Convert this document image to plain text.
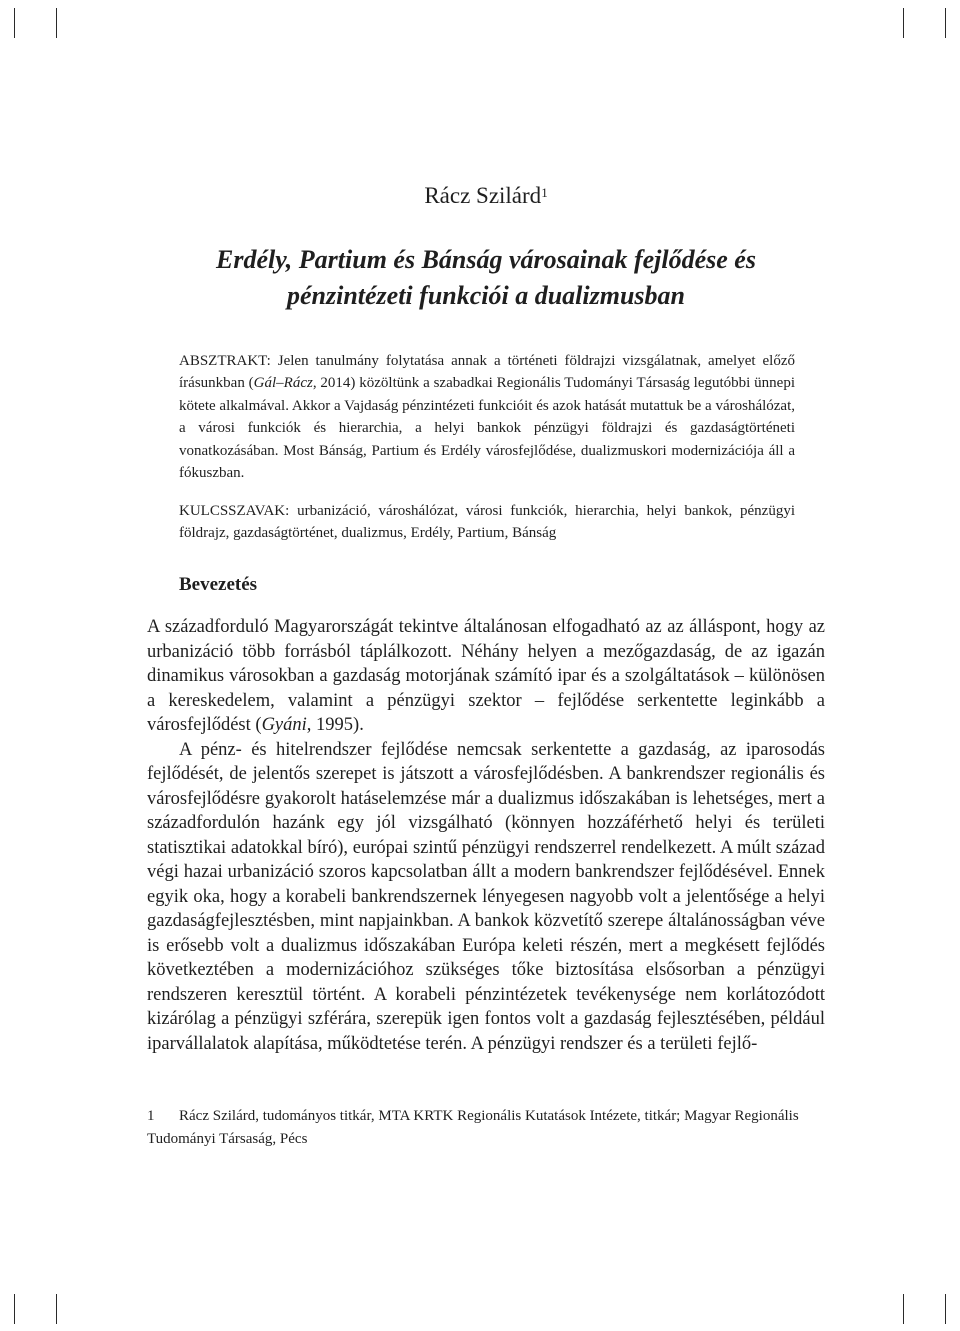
Rácz Szilárd$^1$
Erdély, Partium és Bánság városainak fejlődése és
pénzintézeti funkciói a dualizmusban

ABSZTRAKT: Jelen tanulmány folytatása annak a történeti földrajzi vizsgálatnak, amelyet előző írásunkban (Gál–Rácz, 2014) közöltünk a szabadkai Regionális Tudományi Társaság legutóbbi ünnepi kötete alkalmával. Akkor a Vajdaság pénzintézeti funkcióit és azok hatását mutattuk be a városhálózat, a városi funkciók és hierarchia, a helyi bankok pénzügyi földrajzi és gazdaságtörténeti vonatkozásában. Most Bánság, Partium és Erdély városfejlődése, dualizmuskori modernizációja áll a fókuszban.

KULCSSZAVAK: urbanizáció, városhálózat, városi funkciók, hierarchia, helyi bankok, pénzügyi földrajz, gazdaságtörténet, dualizmus, Erdély, Partium, Bánság

Bevezetés

A századforduló Magyarországát tekintve általánosan elfogadható az az álláspont, hogy az urbanizáció több forrásból táplálkozott. Néhány helyen a mezőgazdaság, de az igazán dinamikus városokban a gazdaság motorjának számító ipar és a szolgáltatások – különösen a kereskedelem, valamint a pénzügyi szektor – fejlődése serkentette leginkább a városfejlődést (Gyáni, 1995).

A pénz- és hitelrendszer fejlődése nemcsak serkentette a gazdaság, az iparosodás fejlődését, de jelentős szerepet is játszott a városfejlődésben. A bankrendszer regionális és városfejlődésre gyakorolt hatáselemzése már a dualizmus időszakában is lehetséges, mert a századfordulón hazánk egy jól vizsgálható (könnyen hozzáférhető helyi és területi statisztikai adatokkal bíró), európai szintű pénzügyi rendszerrel rendelkezett. A múlt század végi hazai urbanizáció szoros kapcsolatban állt a modern bankrendszer fejlődésével. Ennek egyik oka, hogy a korabeli bankrendszernek lényegesen nagyobb volt a jelentősége a helyi gazdaságfejlesztésben, mint napjainkban. A bankok közvetítő szerepe általánosságban véve is erősebb volt a dualizmus időszakában Európa keleti részén, mert a megkésett fejlődés következtében a modernizációhoz szükséges tőke biztosítása elsősorban a pénzügyi rendszeren keresztül történt. A korabeli pénzintézetek tevékenysége nem korlátozódott kizárólag a pénzügyi szférára, szerepük igen fontos volt a gazdaság fejlesztésében, például iparvállalatok alapítása, működtetése terén. A pénzügyi rendszer és a területi fejlő-

1 Rácz Szilárd, tudományos titkár, MTA KRTK Regionális Kutatások Intézete, titkár; Magyar Regionális Tudományi Társaság, Pécs
